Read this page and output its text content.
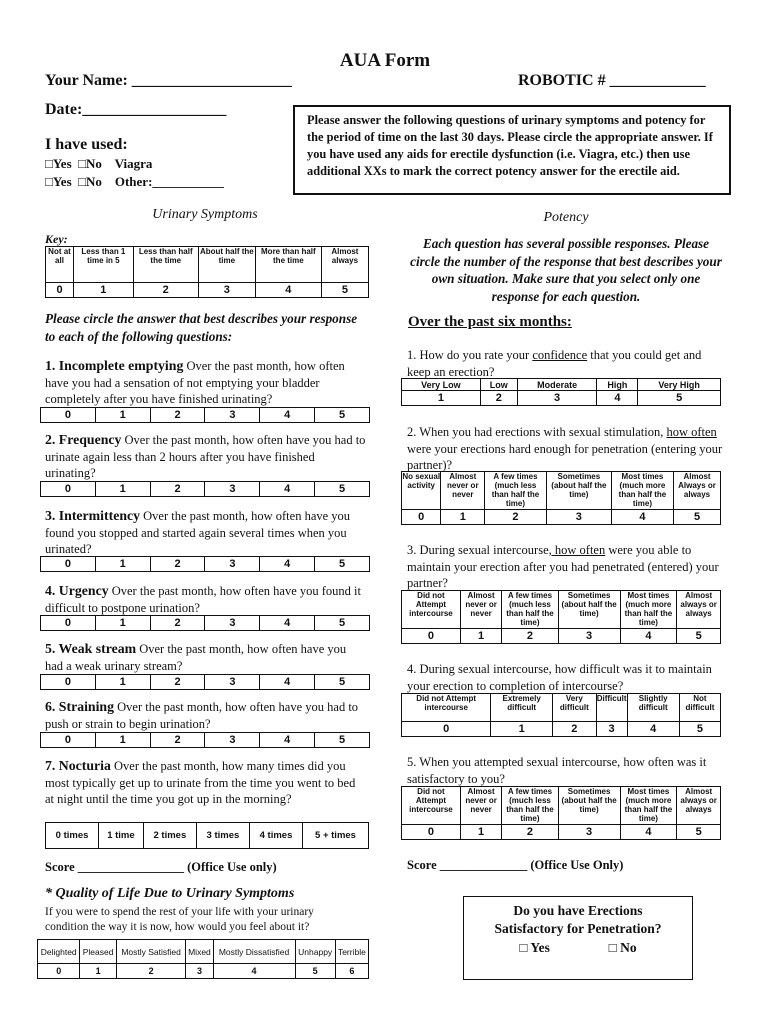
AUA Form
Your Name: ____________________	ROBOTIC # ____________
Date:__________________
I have used:
□Yes  □No    Viagra
□Yes  □No    Other:___________
Please answer the following questions of urinary symptoms and potency for the period of time on the last 30 days. Please circle the appropriate answer. If you have used any aids for erectile dysfunction (i.e. Viagra, etc.) then use additional XXs to mark the correct potency answer for the erectile aid.
Urinary Symptoms
Key:
Not at all	Less than 1 time in 5	Less than half the time	About half the time	More than half the time	Almost always
0	1	2	3	4	5
Please circle the answer that best describes your response to each of the following questions:
1. Incomplete emptying Over the past month, how often have you had a sensation of not emptying your bladder completely after you have finished urinating?
0	1	2	3	4	5
2. Frequency Over the past month, how often have you had to urinate again less than 2 hours after you have finished urinating?
0	1	2	3	4	5
3. Intermittency Over the past month, how often have you found you stopped and started again several times when you urinated?
0	1	2	3	4	5
4. Urgency Over the past month, how often have you found it difficult to postpone urination?
0	1	2	3	4	5
5. Weak stream Over the past month, how often have you had a weak urinary stream?
0	1	2	3	4	5
6. Straining Over the past month, how often have you had to push or strain to begin urination?
0	1	2	3	4	5
7. Nocturia Over the past month, how many times did you most typically get up to urinate from the time you went to bed at night until the time you got up in the morning?
0 times	1 time	2 times	3 times	4 times	5 + times
Score _________________ (Office Use only)
* Quality of Life Due to Urinary Symptoms
If you were to spend the rest of your life with your urinary condition the way it is now, how would you feel about it?
Delighted	Pleased	Mostly Satisfied	Mixed	Mostly Dissatisfied	Unhappy	Terrible
0	1	2	3	4	5	6
Potency
Each question has several possible responses. Please circle the number of the response that best describes your own situation. Make sure that you select only one response for each question.
Over the past six months:
1. How do you rate your confidence that you could get and keep an erection?
Very Low	Low	Moderate	High	Very High
1	2	3	4	5
2. When you had erections with sexual stimulation, how often were your erections hard enough for penetration (entering your partner)?
No sexual activity	Almost never or never	A few times (much less than half the time)	Sometimes (about half the time)	Most times (much more than half the time)	Almost Always or always
0	1	2	3	4	5
3. During sexual intercourse, how often were you able to maintain your erection after you had penetrated (entered) your partner?
Did not Attempt intercourse	Almost never or never	A few times (much less than half the time)	Sometimes (about half the time)	Most times (much more than half the time)	Almost always or always
0	1	2	3	4	5
4. During sexual intercourse, how difficult was it to maintain your erection to completion of intercourse?
Did not Attempt intercourse	Extremely difficult	Very difficult	Difficult	Slightly difficult	Not difficult
0	1	2	3	4	5
5. When you attempted sexual intercourse, how often was it satisfactory to you?
Did not Attempt intercourse	Almost never or never	A few times (much less than half the time)	Sometimes (about half the time)	Most times (much more than half the time)	Almost always or always
0	1	2	3	4	5
Score ______________ (Office Use Only)
Do you have Erections Satisfactory for Penetration?
□ Yes	□ No
